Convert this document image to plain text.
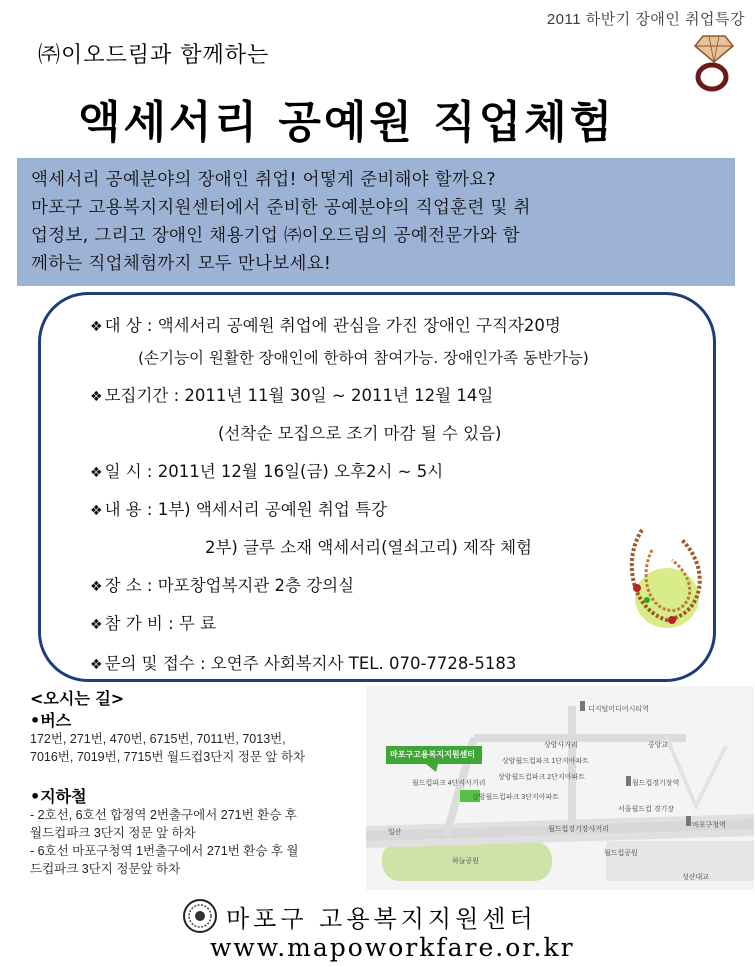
2011 하반기 장애인 취업특강
㈜이오드림과 함께하는
액세서리 공예원 직업체험
액세서리 공예분야의 장애인 취업! 어떻게 준비해야 할까요?
마포구 고용복지지원센터에서 준비한 공예분야의 직업훈련 및 취
업정보, 그리고 장애인 채용기업 ㈜이오드림의 공예전문가와 함
께하는 직업체험까지 모두 만나보세요!
❖ 대 상 : 액세서리 공예원 취업에 관심을 가진 장애인 구직자20명
(손기능이 원활한 장애인에 한하여 참여가능. 장애인가족 동반가능)
❖ 모집기간 : 2011년 11월 30일 ~ 2011년 12월 14일
(선착순 모집으로 조기 마감 될 수 있음)
❖ 일 시 : 2011년 12월 16일(금) 오후2시 ~ 5시
❖ 내 용 : 1부) 액세서리 공예원 취업 특강
2부) 글루 소재 액세서리(열쇠고리) 제작 체험
❖ 장 소 : 마포창업복지관 2층 강의실
❖ 참 가 비 : 무 료
❖ 문의 및 접수 : 오연주 사회복지사 TEL. 070-7728-5183
<오시는 길>
•버스
172번, 271번, 470번, 6715번, 7011번, 7013번,
7016번, 7019번, 7715번 월드컵3단지 정문 앞 하차
•지하철
- 2호선, 6호선 합정역 2번출구에서 271번 환승 후
월드컵파크 3단지 정문 앞 하차
- 6호선 마포구청역 1번출구에서 271번 환승 후 월
드컵파크 3단지 정문앞 하차
마포구고용복지지원센터
디지털미디어시티역
상암사거리	중앙교
상암월드컵파크 1단지아파트
상암월드컵파크 2단지아파트
상암월드컵파크 3단지아파트
월드컵파크 4단지사거리	월드컵경기장역
서울월드컵 경기장
마포구청역
일산	월드컵경기장사거리
월드컵공원
하늘공원
성산대교
마포구 고용복지지원센터
www.mapoworkfare.or.kr
